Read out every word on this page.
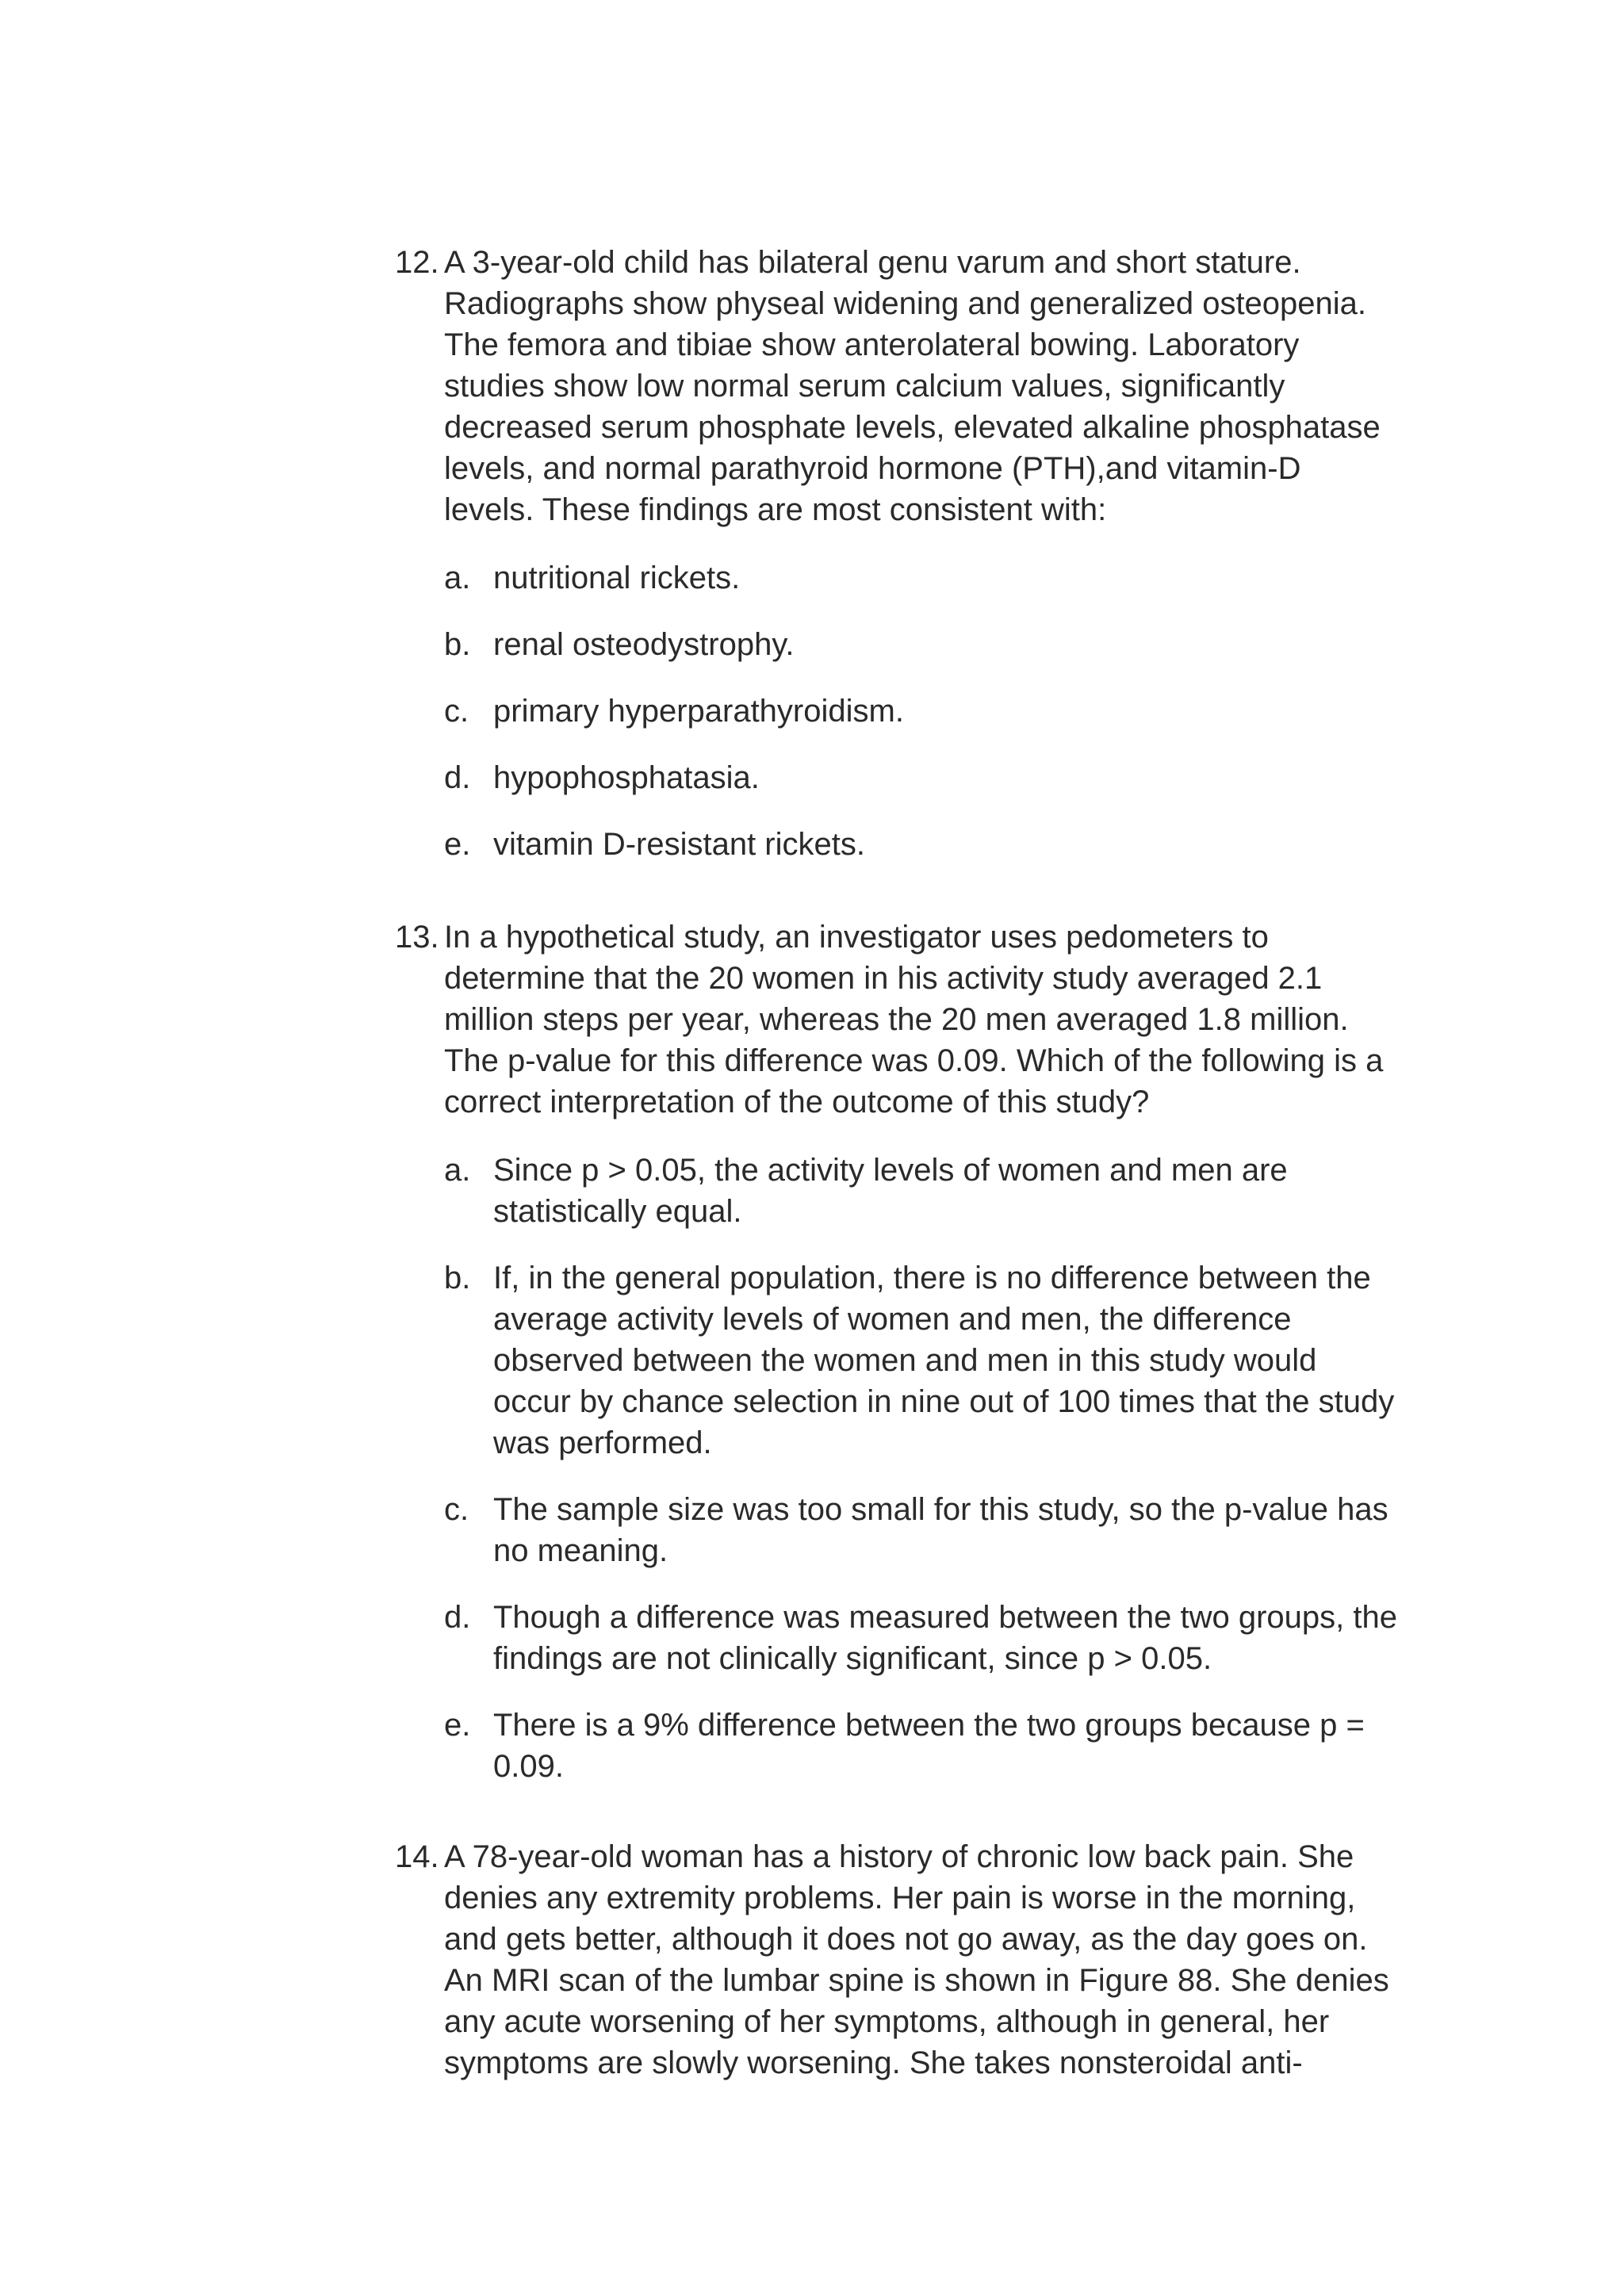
12. A 3-year-old child has bilateral genu varum and short stature.
Radiographs show physeal widening and generalized osteopenia.
The femora and tibiae show anterolateral bowing. Laboratory
studies show low normal serum calcium values, significantly
decreased serum phosphate levels, elevated alkaline phosphatase
levels, and normal parathyroid hormone (PTH),and vitamin-D
levels. These findings are most consistent with:
a. nutritional rickets.
b. renal osteodystrophy.
c. primary hyperparathyroidism.
d. hypophosphatasia.
e. vitamin D-resistant rickets.
13. In a hypothetical study, an investigator uses pedometers to
determine that the 20 women in his activity study averaged 2.1
million steps per year, whereas the 20 men averaged 1.8 million.
The p-value for this difference was 0.09. Which of the following is a
correct interpretation of the outcome of this study?
a. Since p > 0.05, the activity levels of women and men are
statistically equal.
b. If, in the general population, there is no difference between the
average activity levels of women and men, the difference
observed between the women and men in this study would
occur by chance selection in nine out of 100 times that the study
was performed.
c. The sample size was too small for this study, so the p-value has
no meaning.
d. Though a difference was measured between the two groups, the
findings are not clinically significant, since p > 0.05.
e. There is a 9% difference between the two groups because p =
0.09.
14. A 78-year-old woman has a history of chronic low back pain. She
denies any extremity problems. Her pain is worse in the morning,
and gets better, although it does not go away, as the day goes on.
An MRI scan of the lumbar spine is shown in Figure 88. She denies
any acute worsening of her symptoms, although in general, her
symptoms are slowly worsening. She takes nonsteroidal anti-
